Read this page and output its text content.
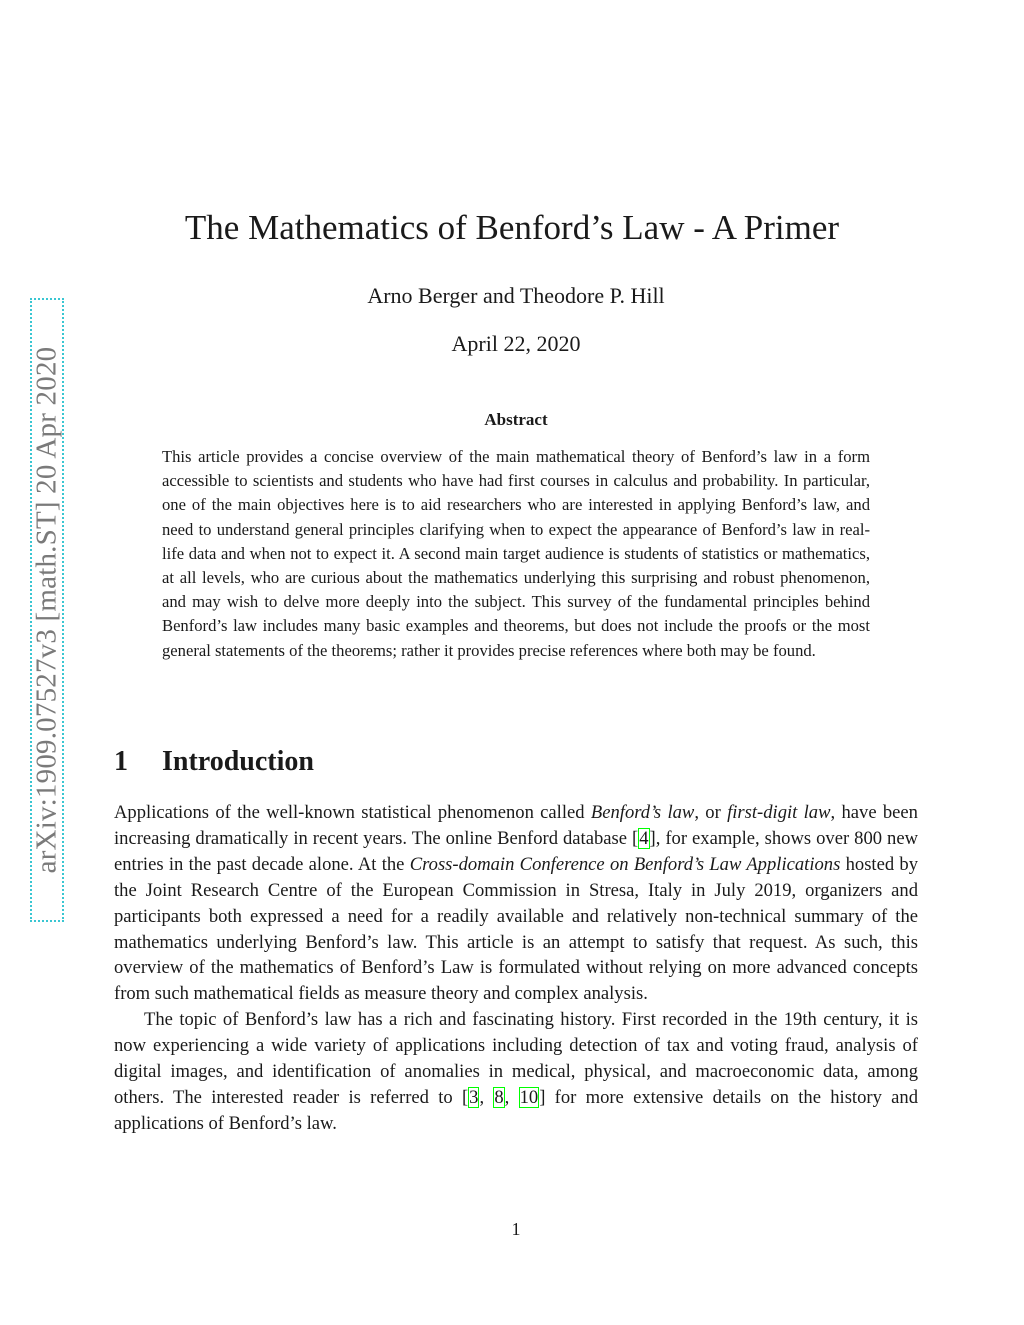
arXiv:1909.07527v3 [math.ST] 20 Apr 2020
The Mathematics of Benford’s Law - A Primer
Arno Berger and Theodore P. Hill
April 22, 2020
Abstract

This article provides a concise overview of the main mathematical theory of Benford’s law in a form accessible to scientists and students who have had first courses in calculus and probability. In particular, one of the main objectives here is to aid researchers who are interested in applying Benford’s law, and need to understand general principles clarifying when to expect the appearance of Benford’s law in real-life data and when not to expect it. A second main target audience is students of statistics or mathematics, at all levels, who are curious about the mathematics underlying this surprising and robust phenomenon, and may wish to delve more deeply into the subject. This survey of the fundamental principles behind Benford’s law includes many basic examples and theorems, but does not include the proofs or the most general statements of the theorems; rather it provides precise references where both may be found.

1 Introduction

Applications of the well-known statistical phenomenon called Benford’s law, or first-digit law, have been increasing dramatically in recent years. The online Benford database [4], for example, shows over 800 new entries in the past decade alone. At the Cross-domain Conference on Benford’s Law Applications hosted by the Joint Research Centre of the European Commission in Stresa, Italy in July 2019, organizers and participants both expressed a need for a readily available and relatively non-technical summary of the mathematics underlying Benford’s law. This article is an attempt to satisfy that request. As such, this overview of the mathematics of Benford’s Law is formulated without relying on more advanced concepts from such mathematical fields as measure theory and complex analysis.

The topic of Benford’s law has a rich and fascinating history. First recorded in the 19th century, it is now experiencing a wide variety of applications including detection of tax and voting fraud, analysis of digital images, and identification of anomalies in medical, physical, and macroeconomic data, among others. The interested reader is referred to [3, 8, 10] for more extensive details on the history and applications of Benford’s law.

1
